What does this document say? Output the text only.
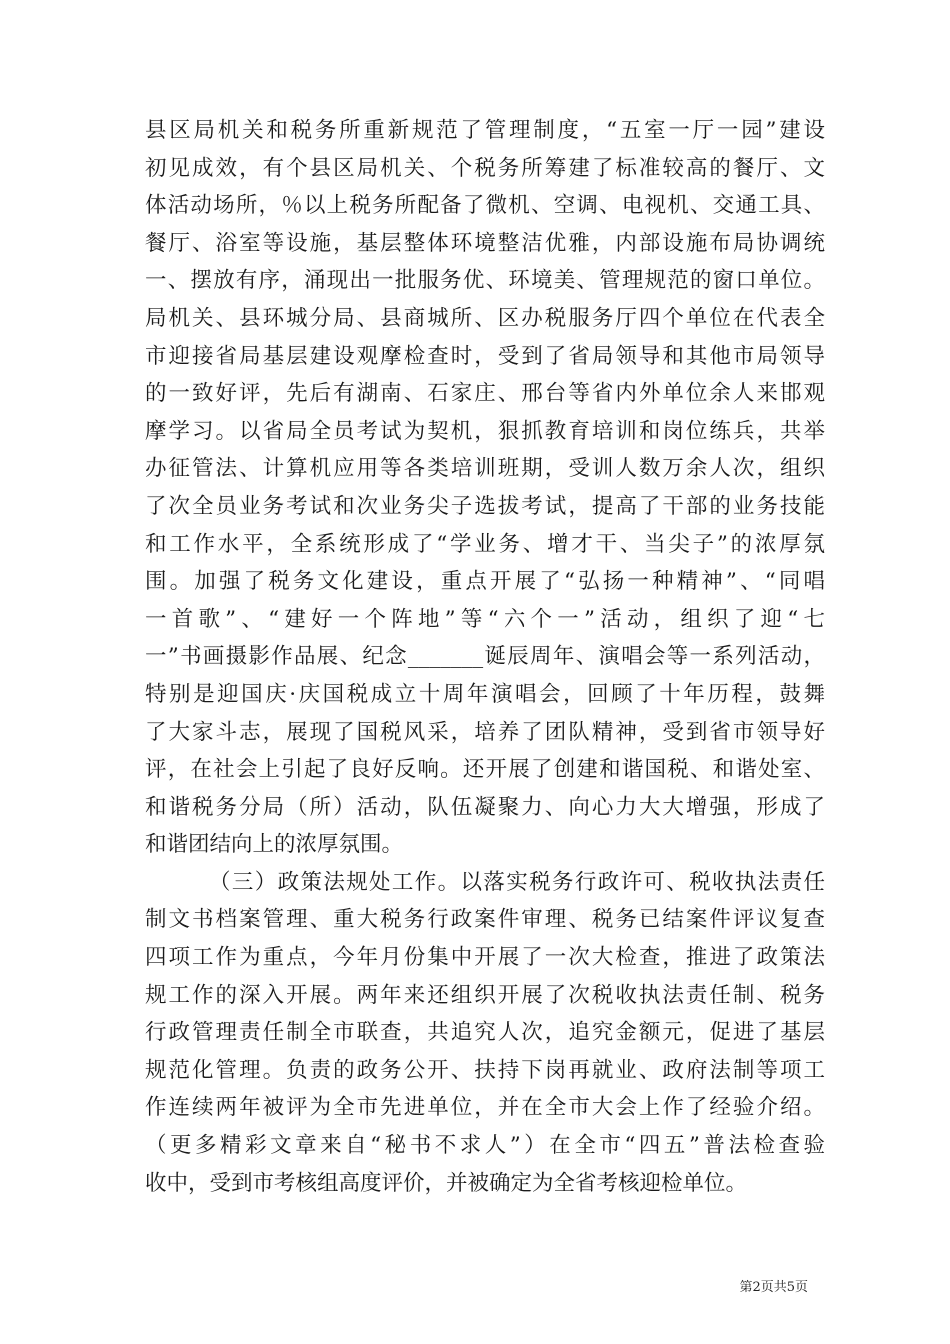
县区局机关和税务所重新规范了管理制度，“五室一厅一园”建设
初见成效，有个县区局机关、个税务所筹建了标准较高的餐厅、文
体活动场所，％以上税务所配备了微机、空调、电视机、交通工具、
餐厅、浴室等设施，基层整体环境整洁优雅，内部设施布局协调统
一、摆放有序，涌现出一批服务优、环境美、管理规范的窗口单位。
局机关、县环城分局、县商城所、区办税服务厅四个单位在代表全
市迎接省局基层建设观摩检查时，受到了省局领导和其他市局领导
的一致好评，先后有湖南、石家庄、邢台等省内外单位余人来邯观
摩学习。以省局全员考试为契机，狠抓教育培训和岗位练兵，共举
办征管法、计算机应用等各类培训班期，受训人数万余人次，组织
了次全员业务考试和次业务尖子选拔考试，提高了干部的业务技能
和工作水平，全系统形成了“学业务、增才干、当尖子”的浓厚氛
围。加强了税务文化建设，重点开展了“弘扬一种精神”、“同唱
一首歌”、“建好一个阵地”等“六个一”活动，组织了迎“七
一”书画摄影作品展、纪念_______诞辰周年、演唱会等一系列活动，
特别是迎国庆·庆国税成立十周年演唱会，回顾了十年历程，鼓舞
了大家斗志，展现了国税风采，培养了团队精神，受到省市领导好
评，在社会上引起了良好反响。还开展了创建和谐国税、和谐处室、
和谐税务分局（所）活动，队伍凝聚力、向心力大大增强，形成了
和谐团结向上的浓厚氛围。
（三）政策法规处工作。以落实税务行政许可、税收执法责任
制文书档案管理、重大税务行政案件审理、税务已结案件评议复查
四项工作为重点，今年月份集中开展了一次大检查，推进了政策法
规工作的深入开展。两年来还组织开展了次税收执法责任制、税务
行政管理责任制全市联查，共追究人次，追究金额元，促进了基层
规范化管理。负责的政务公开、扶持下岗再就业、政府法制等项工
作连续两年被评为全市先进单位，并在全市大会上作了经验介绍。
（更多精彩文章来自“秘书不求人”）在全市“四五”普法检查验
收中，受到市考核组高度评价，并被确定为全省考核迎检单位。
第2页共5页
